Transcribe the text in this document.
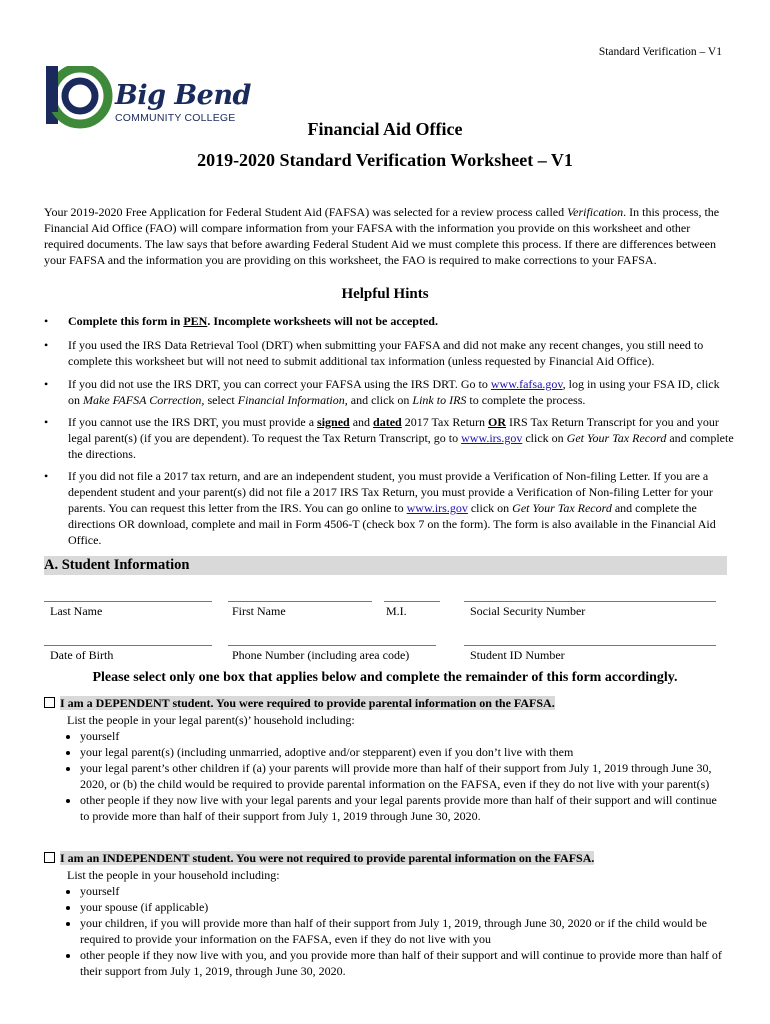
Standard Verification – V1
Big Bend
COMMUNITY COLLEGE
Financial Aid Office
2019-2020 Standard Verification Worksheet – V1
Your 2019-2020 Free Application for Federal Student Aid (FAFSA) was selected for a review process called Verification. In this process, the Financial Aid Office (FAO) will compare information from your FAFSA with the information you provide on this worksheet and other required documents. The law says that before awarding Federal Student Aid we must complete this process. If there are differences between your FAFSA and the information you are providing on this worksheet, the FAO is required to make corrections to your FAFSA.
Helpful Hints
• Complete this form in PEN. Incomplete worksheets will not be accepted.
• If you used the IRS Data Retrieval Tool (DRT) when submitting your FAFSA and did not make any recent changes, you still need to complete this worksheet but will not need to submit additional tax information (unless requested by Financial Aid Office).
• If you did not use the IRS DRT, you can correct your FAFSA using the IRS DRT. Go to www.fafsa.gov, log in using your FSA ID, click on Make FAFSA Correction, select Financial Information, and click on Link to IRS to complete the process.
• If you cannot use the IRS DRT, you must provide a signed and dated 2017 Tax Return OR IRS Tax Return Transcript for you and your legal parent(s) (if you are dependent). To request the Tax Return Transcript, go to www.irs.gov click on Get Your Tax Record and complete the directions.
• If you did not file a 2017 tax return, and are an independent student, you must provide a Verification of Non-filing Letter. If you are a dependent student and your parent(s) did not file a 2017 IRS Tax Return, you must provide a Verification of Non-filing Letter for your parents. You can request this letter from the IRS. You can go online to www.irs.gov click on Get Your Tax Record and complete the directions OR download, complete and mail in Form 4506-T (check box 7 on the form). The form is also available in the Financial Aid Office.
A. Student Information
Last Name	First Name	M.I.	Social Security Number
Date of Birth	Phone Number (including area code)	Student ID Number
Please select only one box that applies below and complete the remainder of this form accordingly.
I am a DEPENDENT student. You were required to provide parental information on the FAFSA.
List the people in your legal parent(s)’ household including:
• yourself
• your legal parent(s) (including unmarried, adoptive and/or stepparent) even if you don’t live with them
• your legal parent’s other children if (a) your parents will provide more than half of their support from July 1, 2019 through June 30, 2020, or (b) the child would be required to provide parental information on the FAFSA, even if they do not live with your parent(s)
• other people if they now live with your legal parents and your legal parents provide more than half of their support and will continue to provide more than half of their support from July 1, 2019 through June 30, 2020.
I am an INDEPENDENT student. You were not required to provide parental information on the FAFSA.
List the people in your household including:
• yourself
• your spouse (if applicable)
• your children, if you will provide more than half of their support from July 1, 2019, through June 30, 2020 or if the child would be required to provide your information on the FAFSA, even if they do not live with you
• other people if they now live with you, and you provide more than half of their support and will continue to provide more than half of their support from July 1, 2019, through June 30, 2020.
